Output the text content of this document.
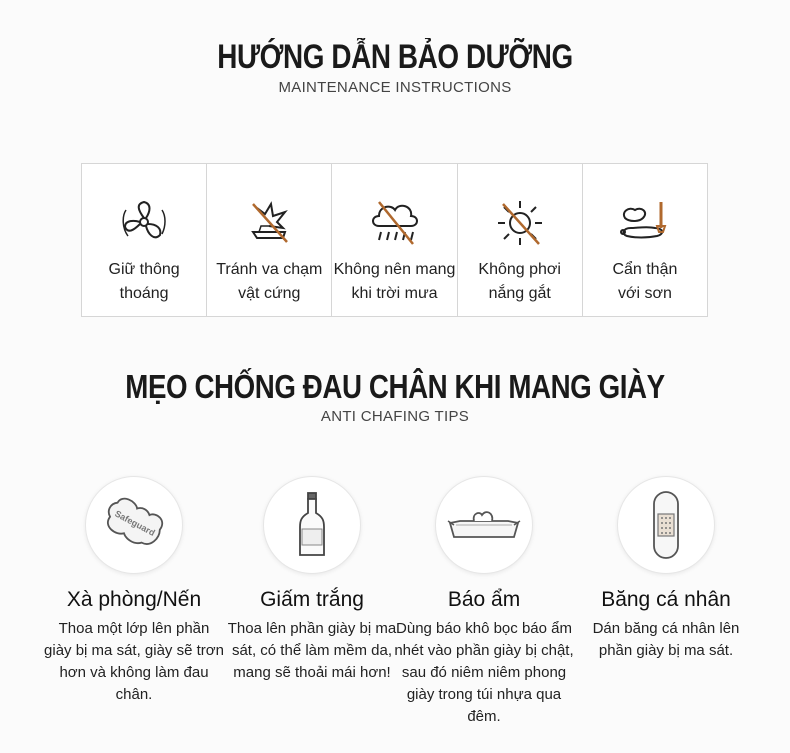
HƯỚNG DẪN BẢO DƯỠNG
MAINTENANCE INSTRUCTIONS
Giữ thông
thoáng
Tránh va chạm
vật cứng
Không nên mang
khi trời mưa
Không phơi
nắng gắt
Cẩn thận
với sơn
MẸO CHỐNG ĐAU CHÂN KHI MANG GIÀY
ANTI CHAFING TIPS
Safeguard
Xà phòng/Nến
Thoa một lớp lên phần giày bị ma sát, giày sẽ trơn hơn và không làm đau chân.
Giấm trắng
Thoa lên phần giày bị ma sát, có thể làm mềm da, mang sẽ thoải mái hơn!
Báo ẩm
Dùng báo khô bọc báo ẩm nhét vào phần giày bị chật, sau đó niêm niêm phong giày trong túi nhựa qua đêm.
Băng cá nhân
Dán băng cá nhân lên phần giày bị ma sát.
